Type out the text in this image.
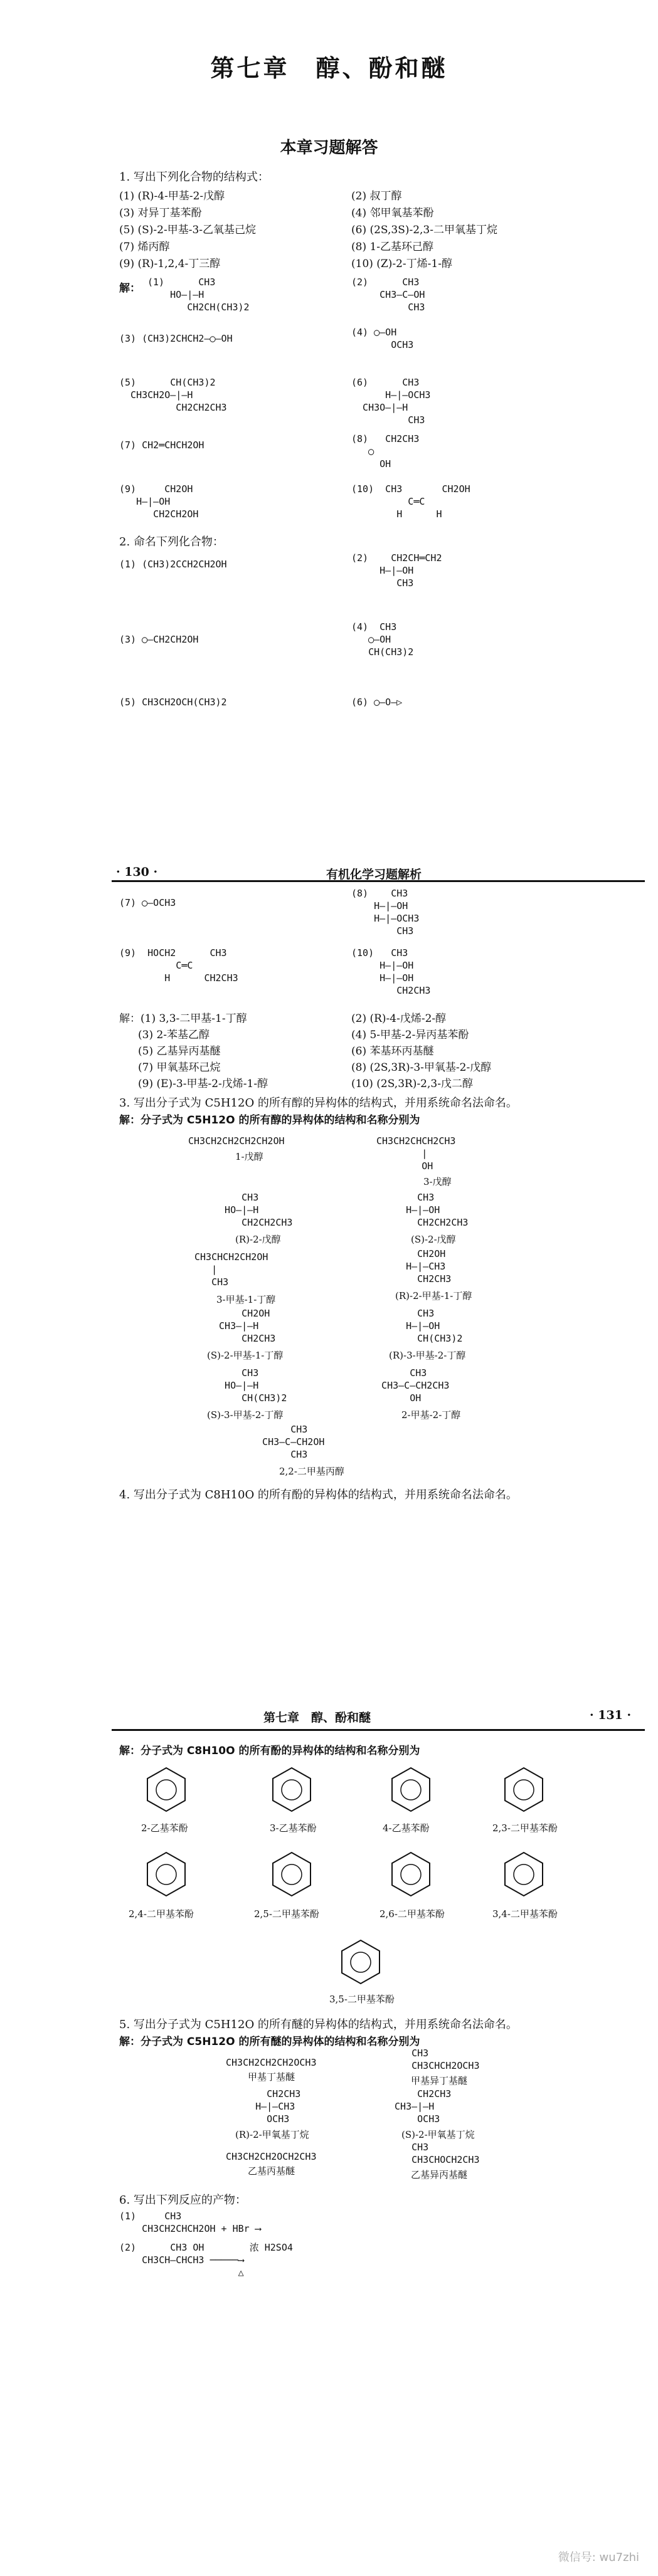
第七章　醇、酚和醚
本章习题解答
1. 写出下列化合物的结构式：
(1) (R)-4-甲基-2-戊醇	(2) 叔丁醇
(3) 对异丁基苯酚	(4) 邻甲氧基苯酚
(5) (S)-2-甲基-3-乙氧基己烷	(6) (2S,3S)-2,3-二甲氧基丁烷
(7) 烯丙醇	(8) 1-乙基环己醇
(9) (R)-1,2,4-丁三醇	(10) (Z)-2-丁烯-1-醇
解： (1)      CH3
HO—|—H
CH2CH(CH3)2
(2)      CH3
CH3—C—OH
CH3
(3) (CH3)2CHCH2—◯—OH
(4) ◯—OH
OCH3
(5)      CH(CH3)2
CH3CH2O—|—H
CH2CH2CH3
(6)      CH3
H—|—OCH3
CH3O—|—H
CH3
(7) CH2═CHCH2OH
(8)   CH2CH3
◯
OH
(9)     CH2OH
H—|—OH
CH2CH2OH
(10)  CH3       CH2OH
C═C
H      H
2. 命名下列化合物：
(1) (CH3)2CCH2CH2OH
(2)    CH2CH═CH2
H—|—OH
CH3
(3) ◯—CH2CH2OH
(4)  CH3
◯—OH
CH(CH3)2
(5) CH3CH2OCH(CH3)2	(6) ◯—O—▷
· 130 ·	有机化学习题解析
(7) ◯—OCH3
(8)    CH3
H—|—OH
H—|—OCH3
CH3
(9)  HOCH2      CH3
C═C
H      CH2CH3
(10)   CH3
H—|—OH
H—|—OH
CH2CH3
解：(1) 3,3-二甲基-1-丁醇	(2) (R)-4-戊烯-2-醇
(3) 2-苯基乙醇	(4) 5-甲基-2-异丙基苯酚
(5) 乙基异丙基醚	(6) 苯基环丙基醚
(7) 甲氧基环己烷	(8) (2S,3R)-3-甲氧基-2-戊醇
(9) (E)-3-甲基-2-戊烯-1-醇	(10) (2S,3R)-2,3-戊二醇
3. 写出分子式为 C5H12O 的所有醇的异构体的结构式，并用系统命名法命名。
解：分子式为 C5H12O 的所有醇的异构体的结构和名称分别为
CH3CH2CH2CH2CH2OH
1-戊醇
CH3CH2CHCH2CH3
|
OH
3-戊醇
CH3
HO—|—H
CH2CH2CH3
(R)-2-戊醇
CH3
H—|—OH
CH2CH2CH3
(S)-2-戊醇
CH3CHCH2CH2OH
|
CH3
3-甲基-1-丁醇
CH2OH
H—|—CH3
CH2CH3
(R)-2-甲基-1-丁醇
CH2OH
CH3—|—H
CH2CH3
(S)-2-甲基-1-丁醇
CH3
H—|—OH
CH(CH3)2
(R)-3-甲基-2-丁醇
CH3
HO—|—H
CH(CH3)2
(S)-3-甲基-2-丁醇
CH3
CH3—C—CH2CH3
OH
2-甲基-2-丁醇
CH3
CH3—C—CH2OH
CH3
2,2-二甲基丙醇
4. 写出分子式为 C8H10O 的所有酚的异构体的结构式，并用系统命名法命名。
第七章　醇、酚和醚	· 131 ·
解：分子式为 C8H10O 的所有酚的异构体的结构和名称分别为
2-乙基苯酚	3-乙基苯酚	4-乙基苯酚	2,3-二甲基苯酚
2,4-二甲基苯酚	2,5-二甲基苯酚	2,6-二甲基苯酚	3,4-二甲基苯酚
3,5-二甲基苯酚
5. 写出分子式为 C5H12O 的所有醚的异构体的结构式，并用系统命名法命名。
解：分子式为 C5H12O 的所有醚的异构体的结构和名称分别为
CH3CH2CH2CH2OCH3
甲基丁基醚
CH3
CH3CHCH2OCH3
甲基异丁基醚
CH2CH3
H—|—CH3
OCH3
(R)-2-甲氧基丁烷
CH2CH3
CH3—|—H
OCH3
(S)-2-甲氧基丁烷
CH3CH2CH2OCH2CH3
乙基丙基醚
CH3
CH3CHOCH2CH3
乙基异丙基醚
6. 写出下列反应的产物：
(1)     CH3
CH3CH2CHCH2OH + HBr ⟶
(2)      CH3 OH        浓 H2SO4
CH3CH—CHCH3 ─────⟶
△
微信号: wu7zhi
